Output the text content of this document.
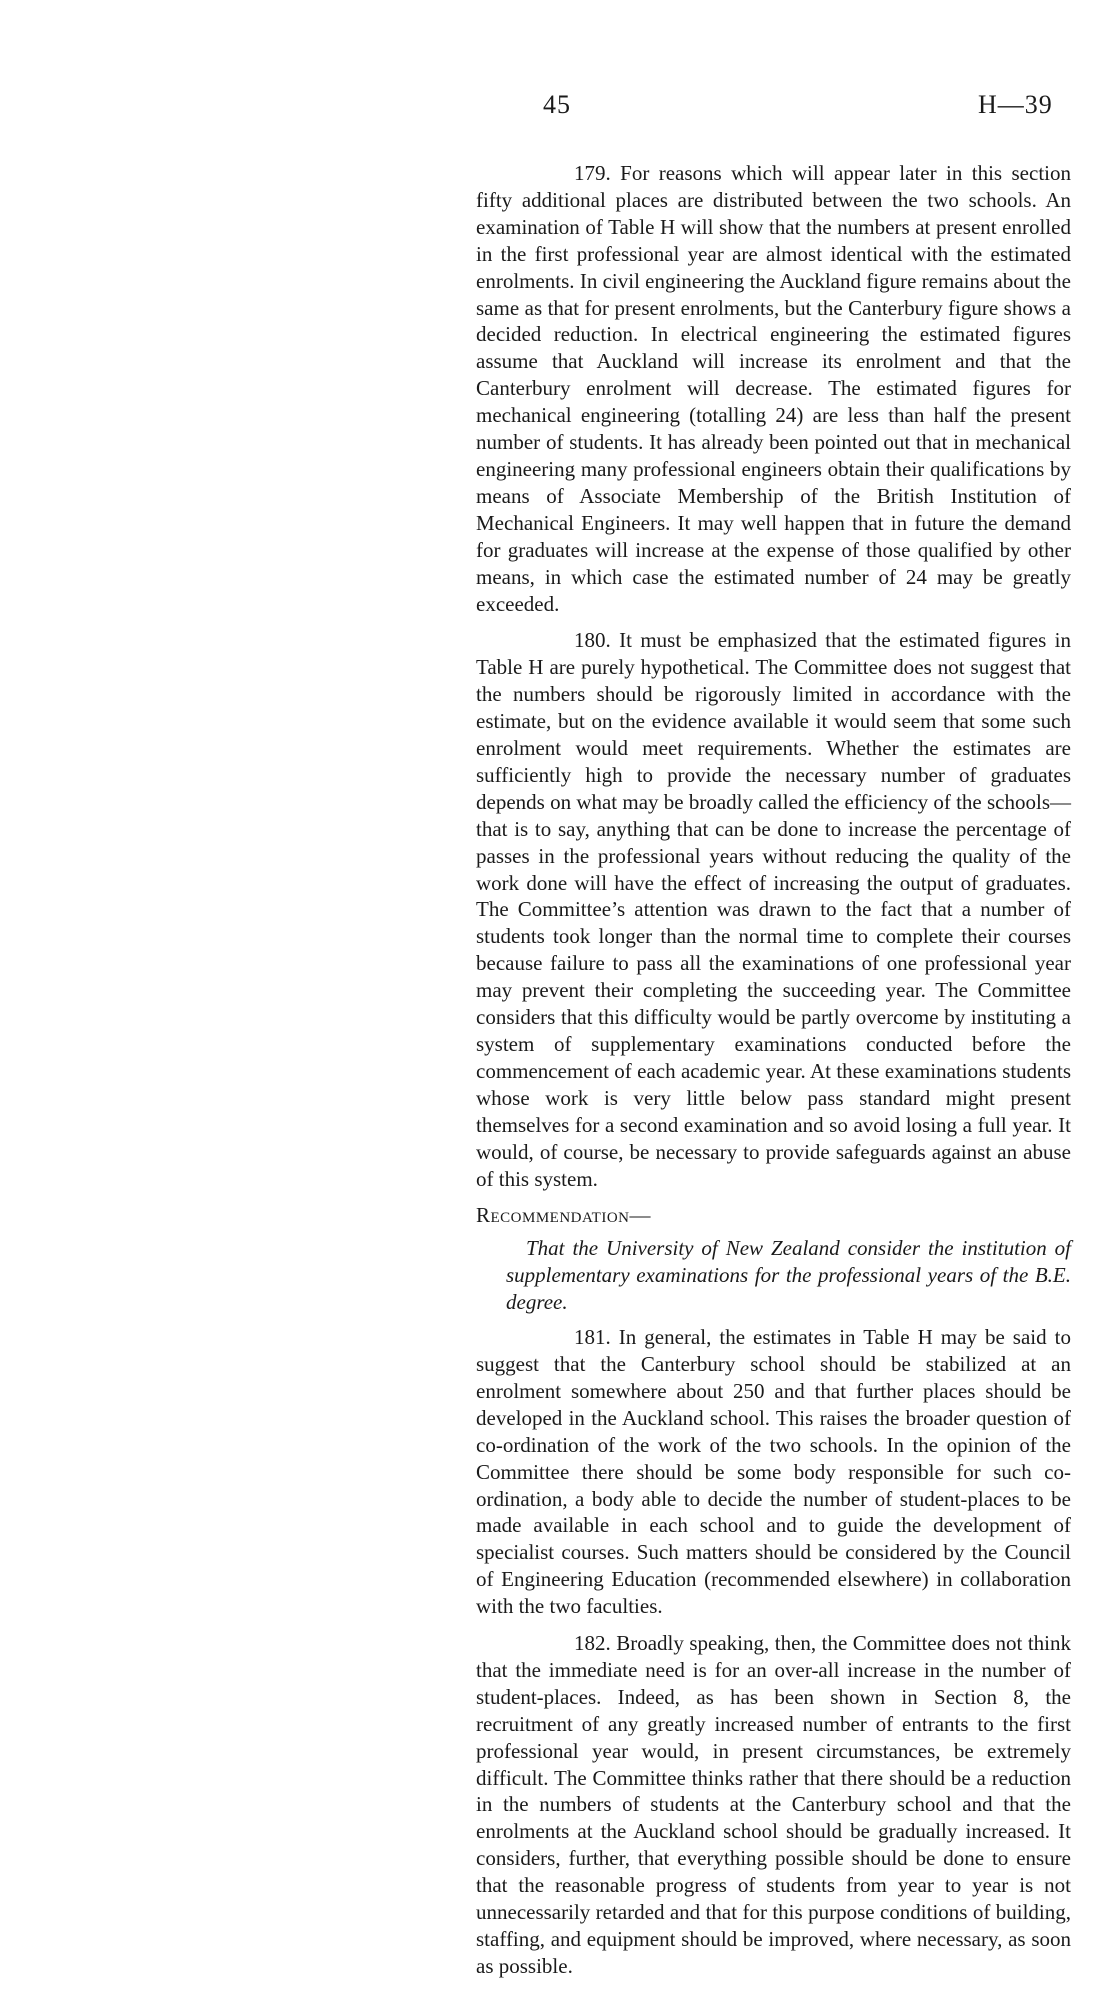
45	H—39

179. For reasons which will appear later in this section fifty additional places are distributed between the two schools. An examination of Table H will show that the numbers at present enrolled in the first professional year are almost identical with the estimated enrolments. In civil engineering the Auckland figure remains about the same as that for present enrolments, but the Canterbury figure shows a decided reduction. In electrical engineering the estimated figures assume that Auckland will increase its enrolment and that the Canterbury enrolment will decrease. The estimated figures for mechanical engineering (totalling 24) are less than half the present number of students. It has already been pointed out that in mechanical engineering many professional engineers obtain their qualifications by means of Associate Membership of the British Institution of Mechanical Engineers. It may well happen that in future the demand for graduates will increase at the expense of those qualified by other means, in which case the estimated number of 24 may be greatly exceeded.

180. It must be emphasized that the estimated figures in Table H are purely hypothetical. The Committee does not suggest that the numbers should be rigorously limited in accordance with the estimate, but on the evidence available it would seem that some such enrolment would meet requirements. Whether the estimates are sufficiently high to provide the necessary number of graduates depends on what may be broadly called the efficiency of the schools—that is to say, anything that can be done to increase the percentage of passes in the professional years without reducing the quality of the work done will have the effect of increasing the output of graduates. The Committee’s attention was drawn to the fact that a number of students took longer than the normal time to complete their courses because failure to pass all the examinations of one professional year may prevent their completing the succeeding year. The Committee considers that this difficulty would be partly overcome by instituting a system of supplementary examinations conducted before the commencement of each academic year. At these examinations students whose work is very little below pass standard might present themselves for a second examination and so avoid losing a full year. It would, of course, be necessary to provide safeguards against an abuse of this system.

Recommendation—
That the University of New Zealand consider the institution of supplementary examinations for the professional years of the B.E. degree.

181. In general, the estimates in Table H may be said to suggest that the Canterbury school should be stabilized at an enrolment somewhere about 250 and that further places should be developed in the Auckland school. This raises the broader question of co-ordination of the work of the two schools. In the opinion of the Committee there should be some body responsible for such co-ordination, a body able to decide the number of student-places to be made available in each school and to guide the development of specialist courses. Such matters should be considered by the Council of Engineering Education (recommended elsewhere) in collaboration with the two faculties.

182. Broadly speaking, then, the Committee does not think that the immediate need is for an over-all increase in the number of student-places. Indeed, as has been shown in Section 8, the recruitment of any greatly increased number of entrants to the first professional year would, in present circumstances, be extremely difficult. The Committee thinks rather that there should be a reduction in the numbers of students at the Canterbury school and that the enrolments at the Auckland school should be gradually increased. It considers, further, that everything possible should be done to ensure that the reasonable progress of students from year to year is not unnecessarily retarded and that for this purpose conditions of building, staffing, and equipment should be improved, where necessary, as soon as possible.
